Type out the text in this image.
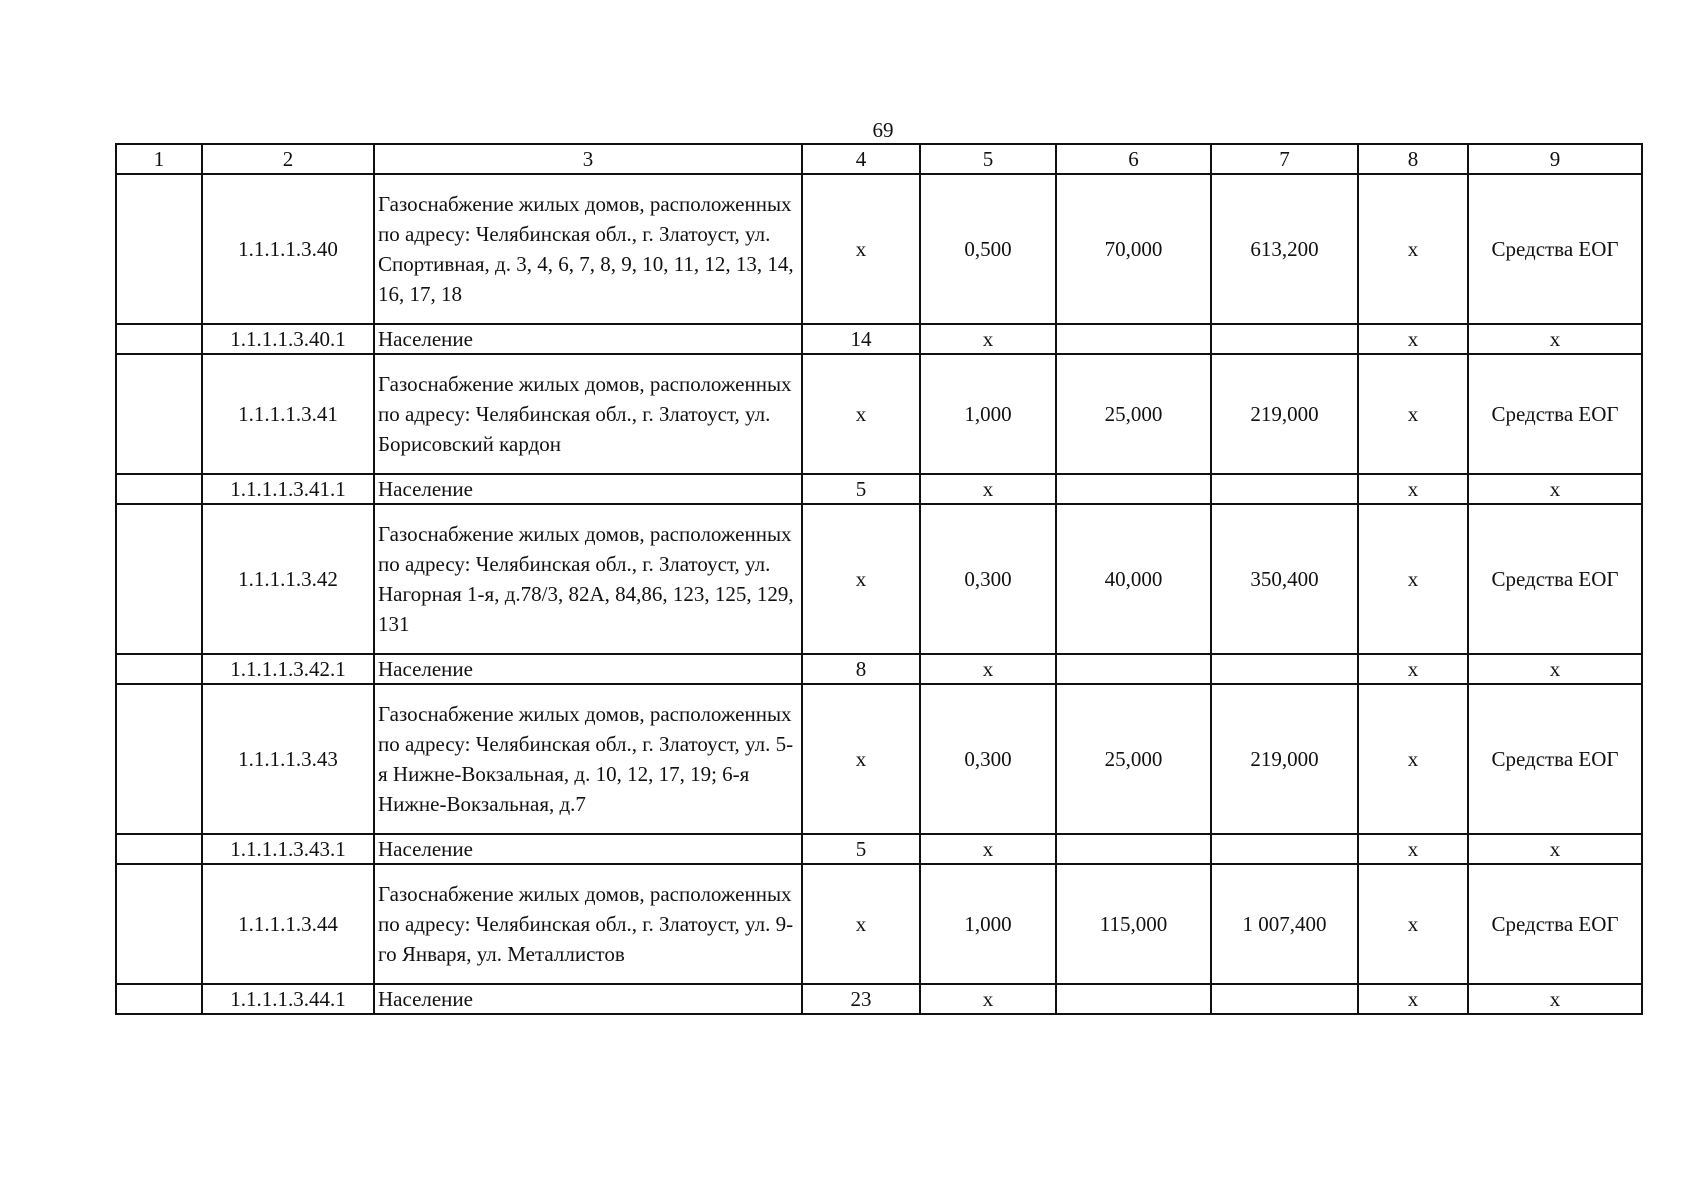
69
1	2	3	4	5	6	7	8	9
	1.1.1.1.3.40	Газоснабжение жилых домов, расположенных по адресу: Челябинская обл., г. Златоуст, ул. Спортивная, д. 3, 4, 6, 7, 8, 9, 10, 11, 12, 13, 14, 16, 17, 18	x	0,500	70,000	613,200	x	Средства ЕОГ
	1.1.1.1.3.40.1	Население	14	x			x	x
	1.1.1.1.3.41	Газоснабжение жилых домов, расположенных по адресу: Челябинская обл., г. Златоуст, ул. Борисовский кардон	x	1,000	25,000	219,000	x	Средства ЕОГ
	1.1.1.1.3.41.1	Население	5	x			x	x
	1.1.1.1.3.42	Газоснабжение жилых домов, расположенных по адресу: Челябинская обл., г. Златоуст, ул. Нагорная 1-я, д.78/3, 82А, 84,86, 123, 125, 129, 131	x	0,300	40,000	350,400	x	Средства ЕОГ
	1.1.1.1.3.42.1	Население	8	x			x	x
	1.1.1.1.3.43	Газоснабжение жилых домов, расположенных по адресу: Челябинская обл., г. Златоуст, ул. 5-я Нижне-Вокзальная, д. 10, 12, 17, 19; 6-я Нижне-Вокзальная, д.7	x	0,300	25,000	219,000	x	Средства ЕОГ
	1.1.1.1.3.43.1	Население	5	x			x	x
	1.1.1.1.3.44	Газоснабжение жилых домов, расположенных по адресу: Челябинская обл., г. Златоуст, ул. 9-го Января, ул. Металлистов	x	1,000	115,000	1 007,400	x	Средства ЕОГ
	1.1.1.1.3.44.1	Население	23	x			x	x
